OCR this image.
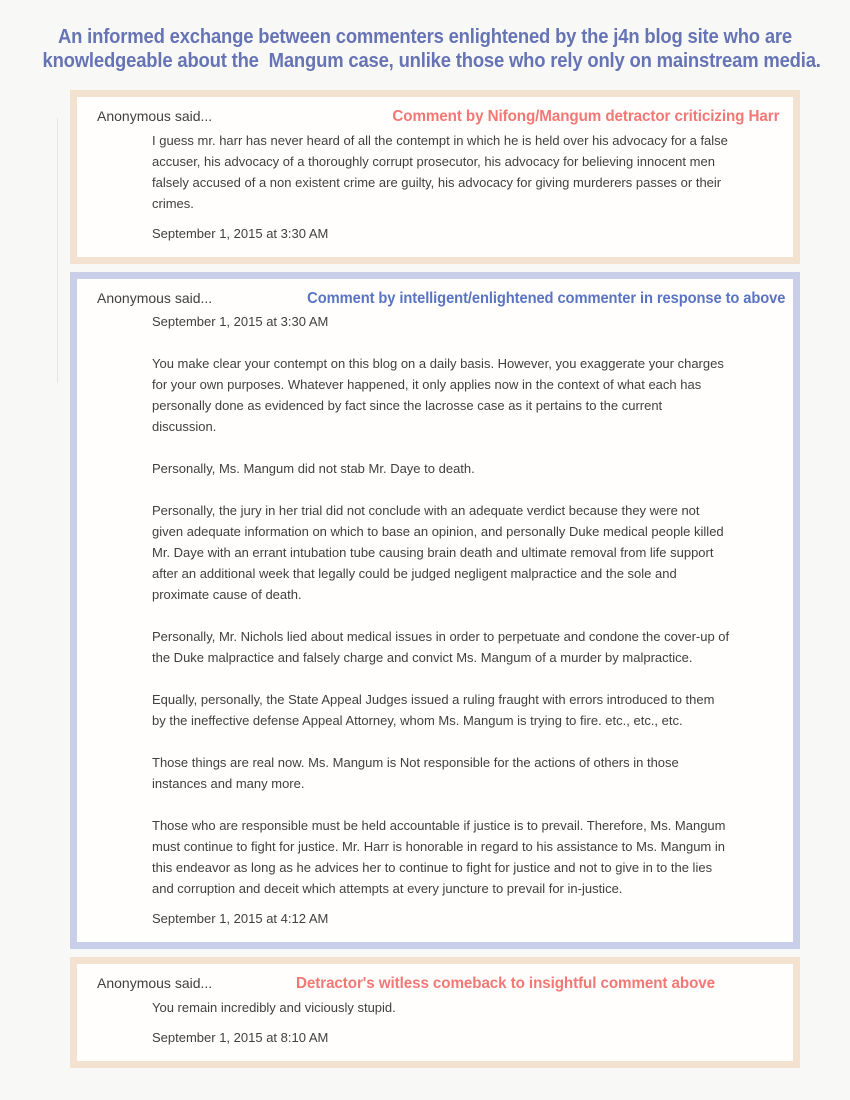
An informed exchange between commenters enlightened by the j4n blog site who are
knowledgeable about the  Mangum case, unlike those who rely only on mainstream media.
Anonymous said...	Comment by Nifong/Mangum detractor criticizing Harr
I guess mr. harr has never heard of all the contempt in which he is held over his advocacy for a false accuser, his advocacy of a thoroughly corrupt prosecutor, his advocacy for believing innocent men falsely accused of a non existent crime are guilty, his advocacy for giving murderers passes or their crimes.
September 1, 2015 at 3:30 AM
Anonymous said...	Comment by intelligent/enlightened commenter in response to above
September 1, 2015 at 3:30 AM
You make clear your contempt on this blog on a daily basis. However, you exaggerate your charges for your own purposes. Whatever happened, it only applies now in the context of what each has personally done as evidenced by fact since the lacrosse case as it pertains to the current discussion.
Personally, Ms. Mangum did not stab Mr. Daye to death.
Personally, the jury in her trial did not conclude with an adequate verdict because they were not given adequate information on which to base an opinion, and personally Duke medical people killed Mr. Daye with an errant intubation tube causing brain death and ultimate removal from life support after an additional week that legally could be judged negligent malpractice and the sole and proximate cause of death.
Personally, Mr. Nichols lied about medical issues in order to perpetuate and condone the cover-up of the Duke malpractice and falsely charge and convict Ms. Mangum of a murder by malpractice.
Equally, personally, the State Appeal Judges issued a ruling fraught with errors introduced to them by the ineffective defense Appeal Attorney, whom Ms. Mangum is trying to fire. etc., etc., etc.
Those things are real now. Ms. Mangum is Not responsible for the actions of others in those instances and many more.
Those who are responsible must be held accountable if justice is to prevail. Therefore, Ms. Mangum must continue to fight for justice. Mr. Harr is honorable in regard to his assistance to Ms. Mangum in this endeavor as long as he advices her to continue to fight for justice and not to give in to the lies and corruption and deceit which attempts at every juncture to prevail for in-justice.
September 1, 2015 at 4:12 AM
Anonymous said...	Detractor's witless comeback to insightful comment above
You remain incredibly and viciously stupid.
September 1, 2015 at 8:10 AM
